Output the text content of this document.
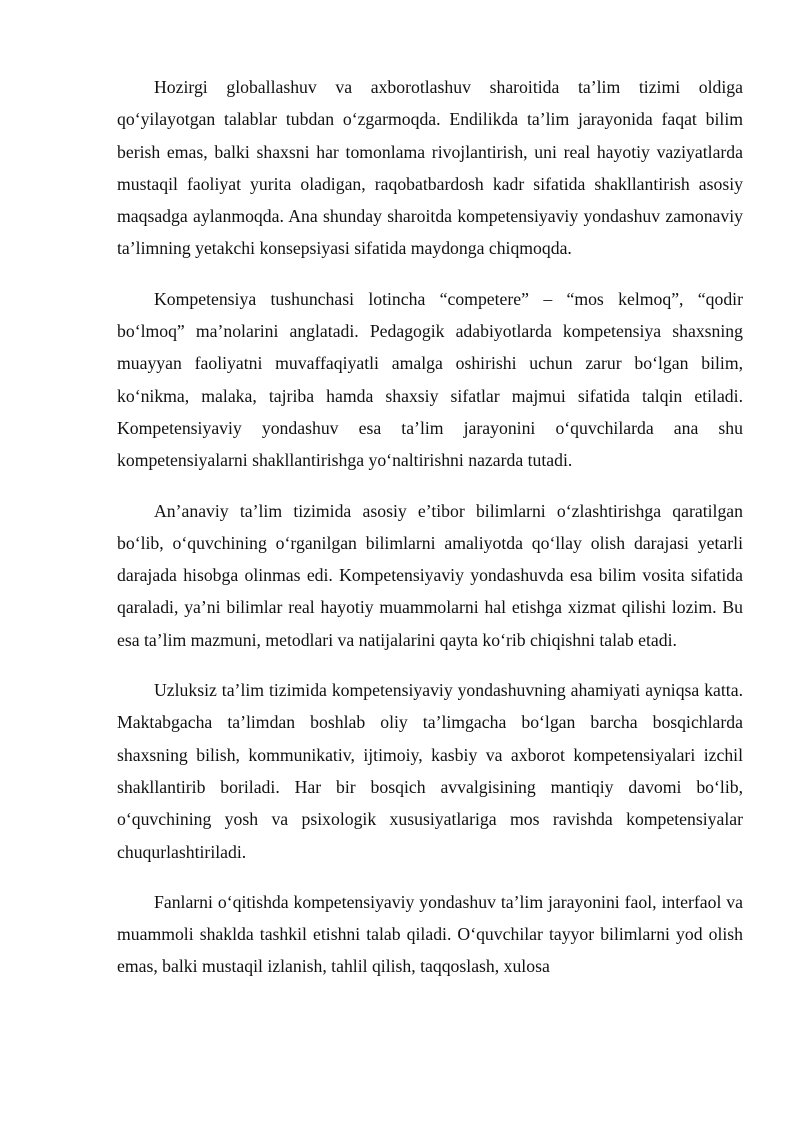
Hozirgi globallashuv va axborotlashuv sharoitida ta’lim tizimi oldiga qo‘yilayotgan talablar tubdan o‘zgarmoqda. Endilikda ta’lim jarayonida faqat bilim berish emas, balki shaxsni har tomonlama rivojlantirish, uni real hayotiy vaziyatlarda mustaqil faoliyat yurita oladigan, raqobatbardosh kadr sifatida shakllantirish asosiy maqsadga aylanmoqda. Ana shunday sharoitda kompetensiyaviy yondashuv zamonaviy ta’limning yetakchi konsepsiyasi sifatida maydonga chiqmoqda.

Kompetensiya tushunchasi lotincha “competere” – “mos kelmoq”, “qodir bo‘lmoq” ma’nolarini anglatadi. Pedagogik adabiyotlarda kompetensiya shaxsning muayyan faoliyatni muvaffaqiyatli amalga oshirishi uchun zarur bo‘lgan bilim, ko‘nikma, malaka, tajriba hamda shaxsiy sifatlar majmui sifatida talqin etiladi. Kompetensiyaviy yondashuv esa ta’lim jarayonini o‘quvchilarda ana shu kompetensiyalarni shakllantirishga yo‘naltirishni nazarda tutadi.

An’anaviy ta’lim tizimida asosiy e’tibor bilimlarni o‘zlashtirishga qaratilgan bo‘lib, o‘quvchining o‘rganilgan bilimlarni amaliyotda qo‘llay olish darajasi yetarli darajada hisobga olinmas edi. Kompetensiyaviy yondashuvda esa bilim vosita sifatida qaraladi, ya’ni bilimlar real hayotiy muammolarni hal etishga xizmat qilishi lozim. Bu esa ta’lim mazmuni, metodlari va natijalarini qayta ko‘rib chiqishni talab etadi.

Uzluksiz ta’lim tizimida kompetensiyaviy yondashuvning ahamiyati ayniqsa katta. Maktabgacha ta’limdan boshlab oliy ta’limgacha bo‘lgan barcha bosqichlarda shaxsning bilish, kommunikativ, ijtimoiy, kasbiy va axborot kompetensiyalari izchil shakllantirib boriladi. Har bir bosqich avvalgisining mantiqiy davomi bo‘lib, o‘quvchining yosh va psixologik xususiyatlariga mos ravishda kompetensiyalar chuqurlashtiriladi.

Fanlarni o‘qitishda kompetensiyaviy yondashuv ta’lim jarayonini faol, interfaol va muammoli shaklda tashkil etishni talab qiladi. O‘quvchilar tayyor bilimlarni yod olish emas, balki mustaqil izlanish, tahlil qilish, taqqoslash, xulosa
